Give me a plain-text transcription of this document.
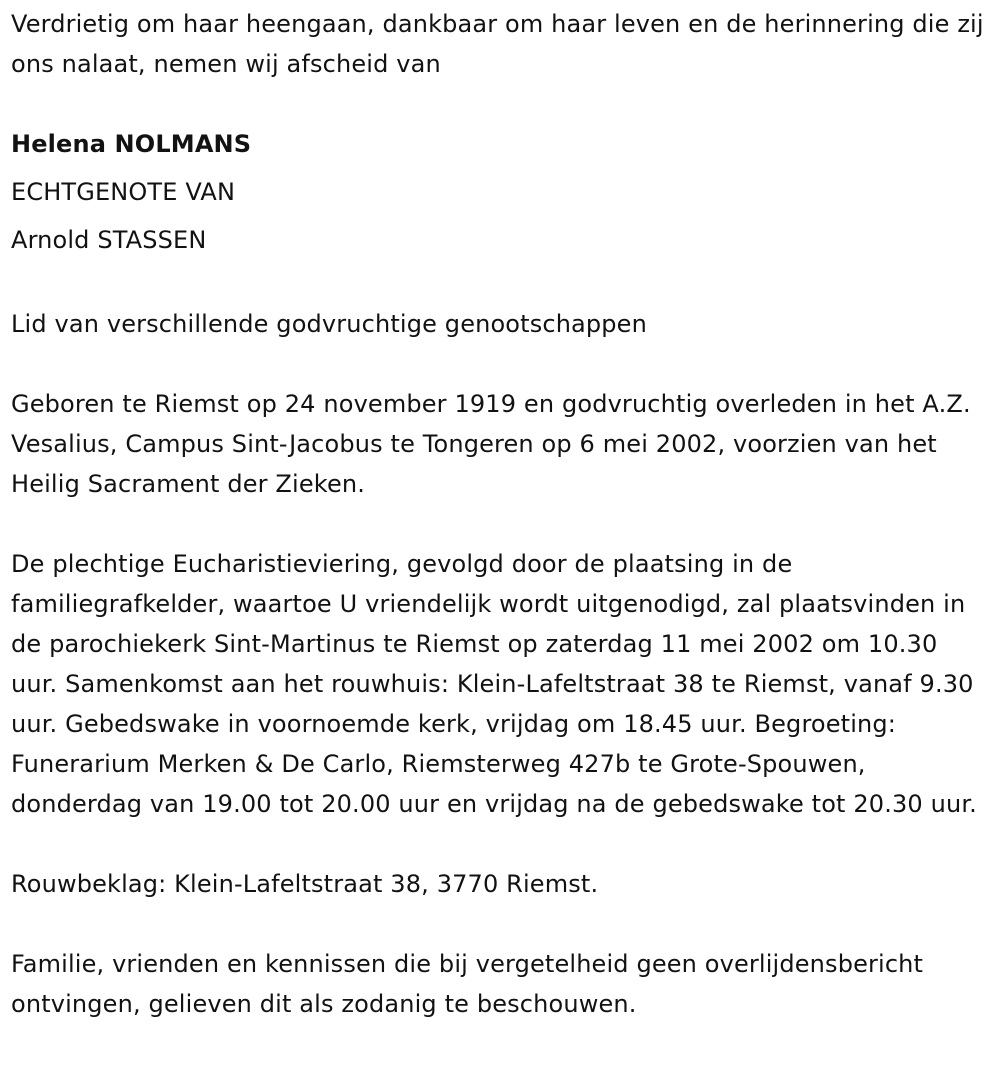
Verdrietig om haar heengaan, dankbaar om haar leven en de herinnering die zij ons nalaat, nemen wij afscheid van

Helena NOLMANS
ECHTGENOTE VAN
Arnold STASSEN

Lid van verschillende godvruchtige genootschappen

Geboren te Riemst op 24 november 1919 en godvruchtig overleden in het A.Z. Vesalius, Campus Sint-Jacobus te Tongeren op 6 mei 2002, voorzien van het Heilig Sacrament der Zieken.

De plechtige Eucharistieviering, gevolgd door de plaatsing in de familiegrafkelder, waartoe U vriendelijk wordt uitgenodigd, zal plaatsvinden in de parochiekerk Sint-Martinus te Riemst op zaterdag 11 mei 2002 om 10.30 uur. Samenkomst aan het rouwhuis: Klein-Lafeltstraat 38 te Riemst, vanaf 9.30 uur. Gebedswake in voornoemde kerk, vrijdag om 18.45 uur. Begroeting: Funerarium Merken & De Carlo, Riemsterweg 427b te Grote-Spouwen, donderdag van 19.00 tot 20.00 uur en vrijdag na de gebedswake tot 20.30 uur.

Rouwbeklag: Klein-Lafeltstraat 38, 3770 Riemst.

Familie, vrienden en kennissen die bij vergetelheid geen overlijdensbericht ontvingen, gelieven dit als zodanig te beschouwen.
